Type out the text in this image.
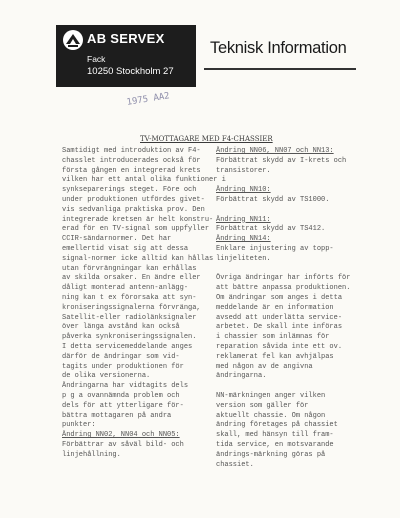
AB SERVEX
Fack
10250 Stockholm 27
Teknisk Information
1975 AA2
TV-MOTTAGARE MED F4-CHASSIER
Samtidigt med introduktion av F4-
chasslet introducerades också för
första gången en integrerad krets
vilken har ett antal olika funktioner i
synkseparerings steget. Före och
under produktionen utfördes givet-
vis sedvanliga praktiska prov. Den
integrerade kretsen är helt konstru-
erad för en TV-signal som uppfyller
CCIR-sändarnormer. Det har
emellertid visat sig att dessa
signal-normer icke alltid kan hållas
utan förvrängningar kan erhållas
av skilda orsaker. En ändre eller
dåligt monterad antenn-anlägg-
ning kan t ex förorsaka att syn-
kroniseringssignalerna förvränga,
Satellit-eller radiolänksignaler
över länga avstånd kan också
påverka synkroniseringssignalen.
I detta servicemeddelande anges
därför de ändringar som vid-
tagits under produktionen för
de olika versionerna.
Ändringarna har vidtagits dels
p g a ovannämnda problem och
dels för att ytterligare för-
bättra mottagaren på andra
punkter:
Ändring NN02, NN04 och NN05:
Förbättrar av såväl bild- och
linjehållning.
Ändring NN06, NN07 och NN13:
Förbättrat skydd av I-krets och
transistorer.
Ändring NN10:
Förbättrat skydd av TS1000.
Ändring NN11:
Förbättrat skydd av TS412.
Ändring NN14:
Enklare injustering av topp-
linjeliteten.
Övriga ändringar har införts för
att bättre anpassa produktionen.
Om ändringar som anges i detta
meddelande är en information
avsedd att underlätta service-
arbetet. De skall inte införas
i chassier som inlämnas för
reparation såvida inte ett ov.
reklamerat fel kan avhjälpas
med någon av de angivna
ändringarna.
NN-märkningen anger vilken
version som gäller för
aktuellt chassie. Om någon
ändring företages på chassiet
skall, med hänsyn till fram-
tida service, en motsvarande
ändrings-märkning göras på
chassiet.
